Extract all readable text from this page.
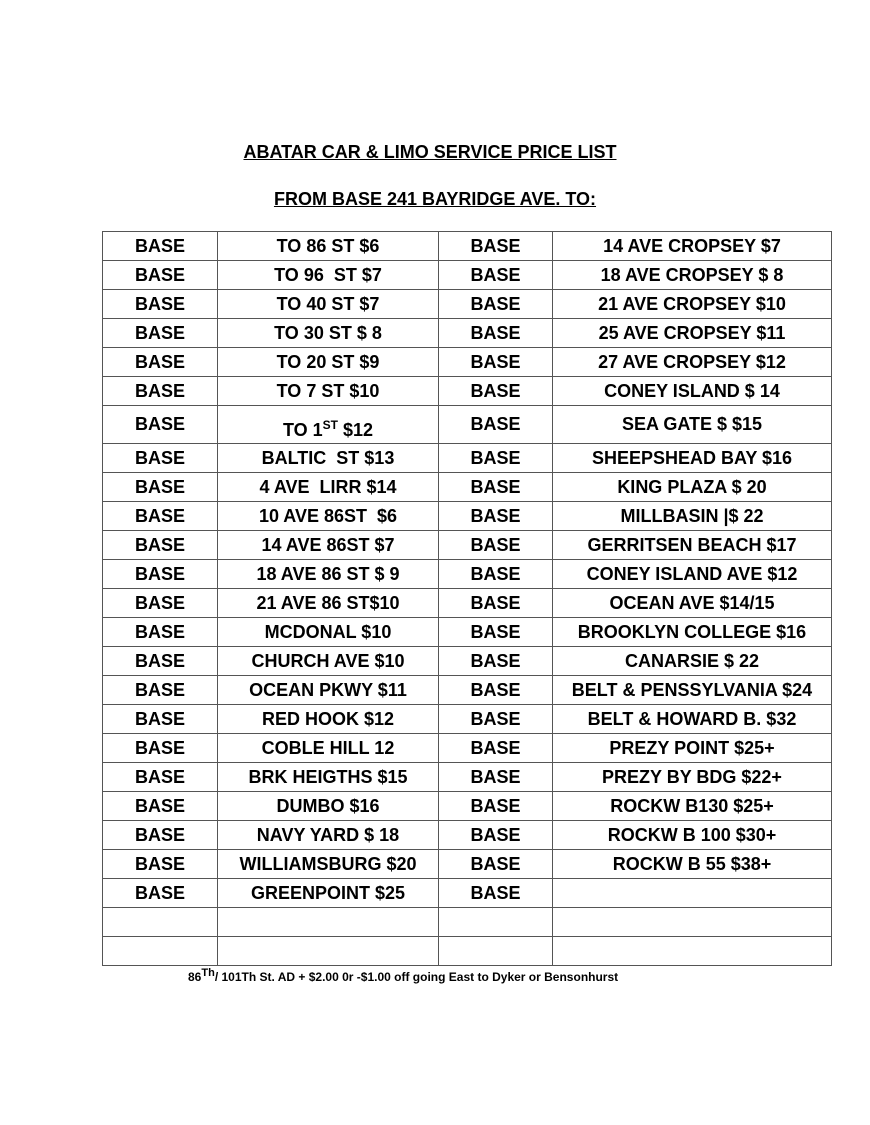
ABATAR CAR & LIMO SERVICE PRICE LIST
FROM BASE 241 BAYRIDGE AVE. TO:
BASE	TO 86 ST $6	BASE	14 AVE CROPSEY $7
BASE	TO 96  ST $7	BASE	18 AVE CROPSEY $ 8
BASE	TO 40 ST $7	BASE	21 AVE CROPSEY $10
BASE	TO 30 ST $ 8	BASE	25 AVE CROPSEY $11
BASE	TO 20 ST $9	BASE	27 AVE CROPSEY $12
BASE	TO 7 ST $10	BASE	CONEY ISLAND $ 14
BASE	TO 1ST $12	BASE	SEA GATE $ $15
BASE	BALTIC  ST $13	BASE	SHEEPSHEAD BAY $16
BASE	4 AVE  LIRR $14	BASE	KING PLAZA $ 20
BASE	10 AVE 86ST  $6	BASE	MILLBASIN |$ 22
BASE	14 AVE 86ST $7	BASE	GERRITSEN BEACH $17
BASE	18 AVE 86 ST $ 9	BASE	CONEY ISLAND AVE $12
BASE	21 AVE 86 ST$10	BASE	OCEAN AVE $14/15
BASE	MCDONAL $10	BASE	BROOKLYN COLLEGE $16
BASE	CHURCH AVE $10	BASE	CANARSIE $ 22
BASE	OCEAN PKWY $11	BASE	BELT & PENSSYLVANIA $24
BASE	RED HOOK $12	BASE	BELT & HOWARD B. $32
BASE	COBLE HILL 12	BASE	PREZY POINT $25+
BASE	BRK HEIGTHS $15	BASE	PREZY BY BDG $22+
BASE	DUMBO $16	BASE	ROCKW B130 $25+
BASE	NAVY YARD $ 18	BASE	ROCKW B 100 $30+
BASE	WILLIAMSBURG $20	BASE	ROCKW B 55 $38+
BASE	GREENPOINT $25	BASE	

86Th/ 101Th St. AD + $2.00 0r -$1.00 off going East to Dyker or Bensonhurst
